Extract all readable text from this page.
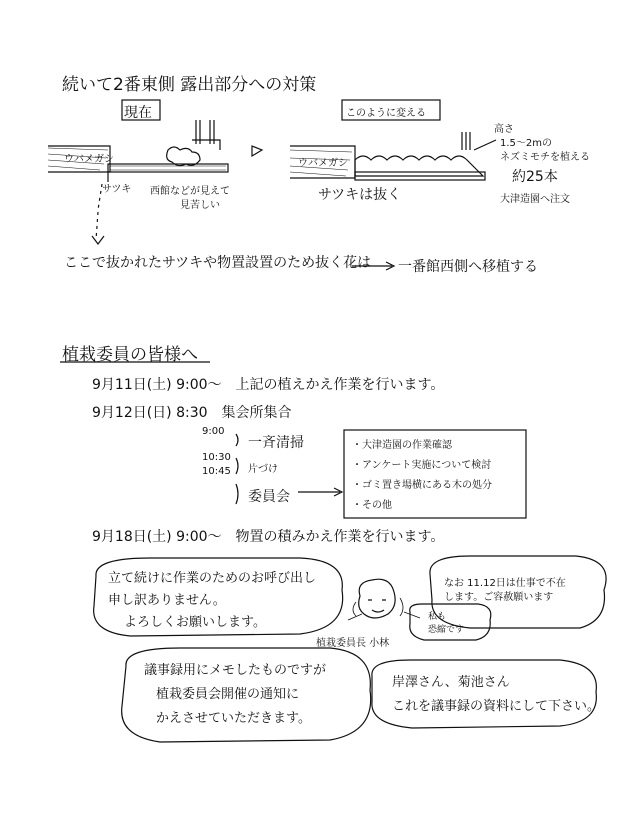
続いて2番東側 露出部分への対策
現在	このように変える
ウバメガシ
サツキ 西館などが見えて
見苦しい
ウバメガシ
サツキは抜く
高さ
1.5〜2mの
ネズミモチを植える
約25本
大津造園へ注文
ここで抜かれたサツキや物置設置のため抜く花は 一番館西側へ移植する
植栽委員の皆様へ
9月11日(土) 9:00〜　上記の植えかえ作業を行います。
9月12日(日) 8:30　集会所集合
9:00
10:30
10:45
一斉清掃
片づけ
委員会
・大津造園の作業確認
・アンケート実施について検討
・ゴミ置き場横にある木の処分
・その他
9月18日(土) 9:00〜　物置の積みかえ作業を行います。
立て続けに作業のためのお呼び出し
申し訳ありません。
よろしくお願いします。
なお 11.12日は仕事で不在
します。ご容赦願います
私も
恐縮です
植栽委員長 小林
議事録用にメモしたものですが
植栽委員会開催の通知に
かえさせていただきます。
岸澤さん、菊池さん
これを議事録の資料にして下さい。
